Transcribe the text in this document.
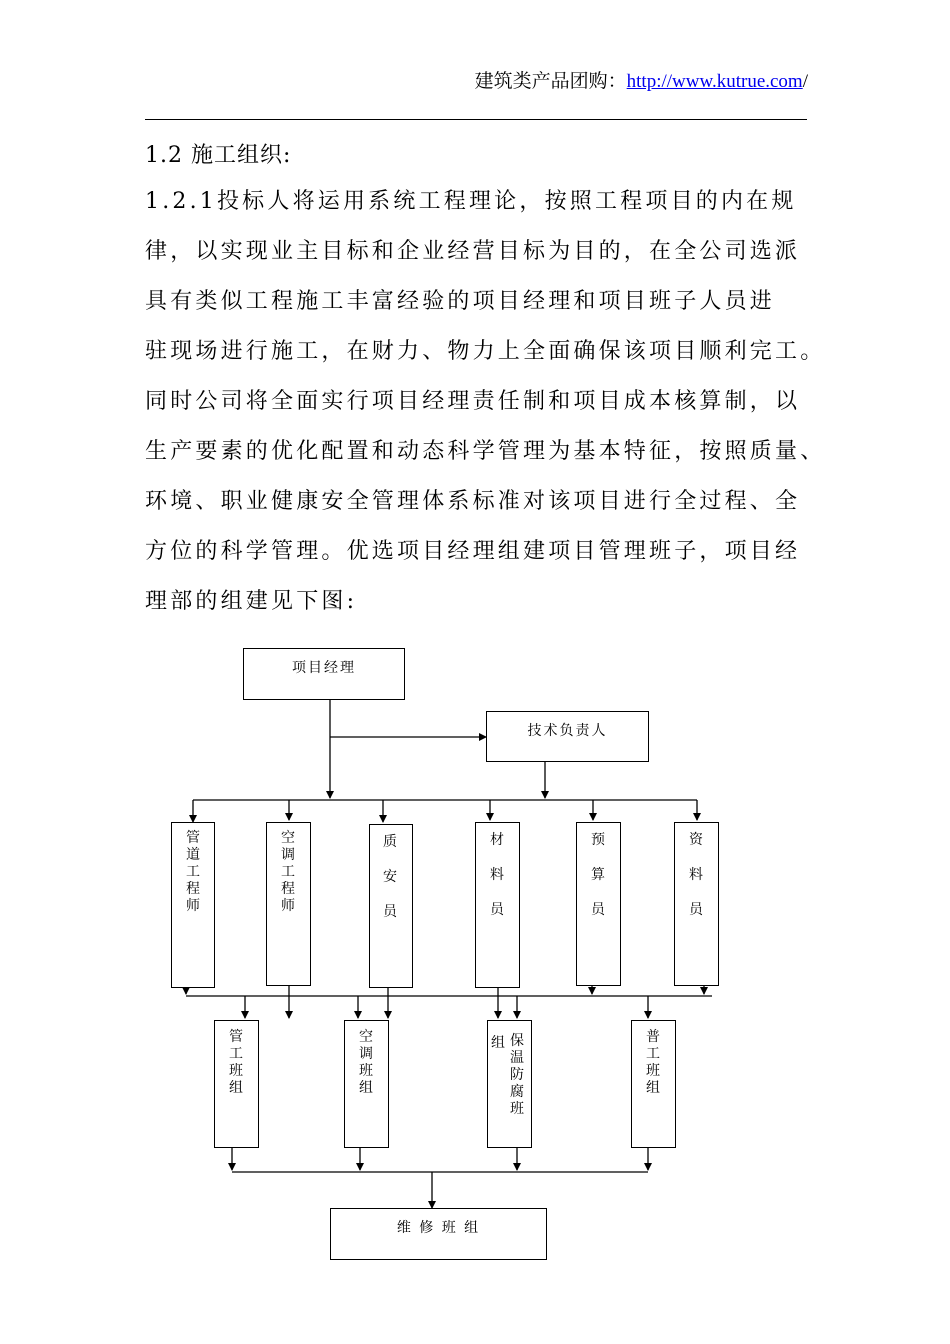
建筑类产品团购：http://www.kutrue.com/
1.2 施工组织:
1.2.1投标人将运用系统工程理论，按照工程项目的内在规
律，以实现业主目标和企业经营目标为目的，在全公司选派
具有类似工程施工丰富经验的项目经理和项目班子人员进
驻现场进行施工，在财力、物力上全面确保该项目顺利完工。
同时公司将全面实行项目经理责任制和项目成本核算制，以
生产要素的优化配置和动态科学管理为基本特征，按照质量、
环境、职业健康安全管理体系标准对该项目进行全过程、全
方位的科学管理。优选项目经理组建项目管理班子，项目经
理部的组建见下图:
项目经理
技术负责人
管道工程师
空调工程师
质安员
材料员
预算员
资料员
管工班组
空调班组
组 保温防腐班
普工班组
维 修 班 组
